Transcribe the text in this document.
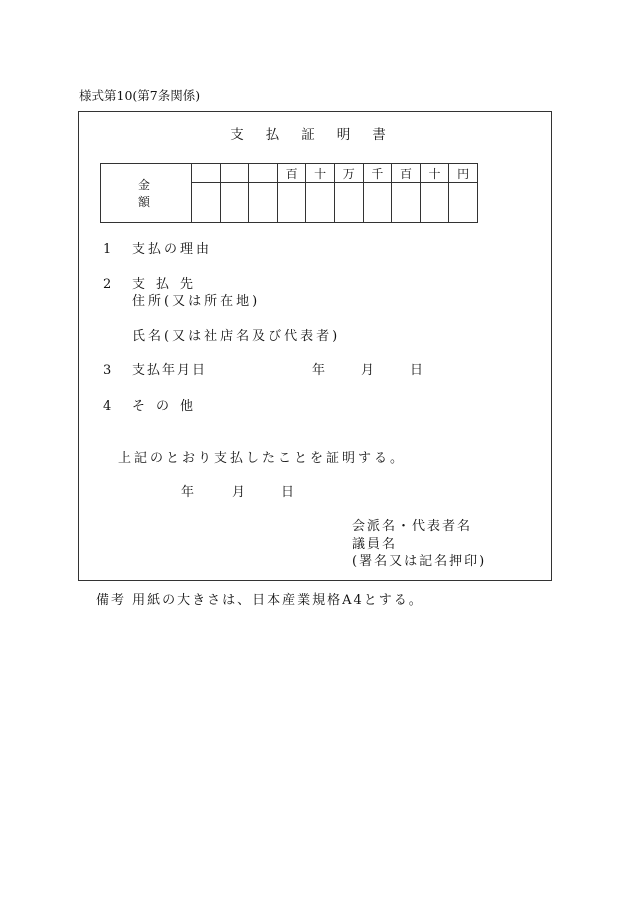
様式第10(第7条関係)
支払証明書
金額				百	十	万	千	百	十	円

1 支払の理由
2 支払先
住所(又は所在地)
氏名(又は社店名及び代表者)
3 支払年月日	年	月	日
4 その他
上記のとおり支払したことを証明する。
年	月	日
会派名・代表者名
議員名
(署名又は記名押印)
備考 用紙の大きさは、日本産業規格A4とする。
